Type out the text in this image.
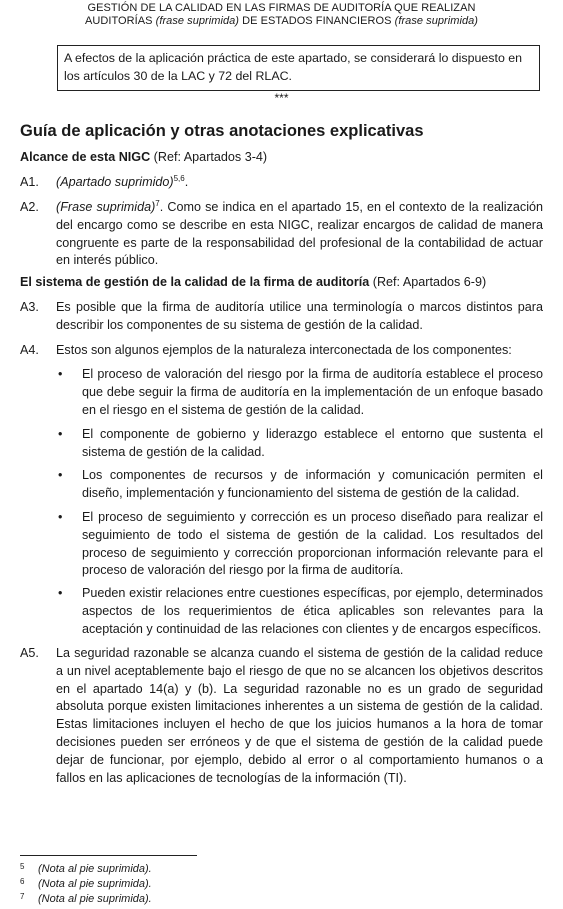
GESTIÓN DE LA CALIDAD EN LAS FIRMAS DE AUDITORÍA QUE REALIZAN
AUDITORÍAS (frase suprimida) DE ESTADOS FINANCIEROS (frase suprimida)
A efectos de la aplicación práctica de este apartado, se considerará lo dispuesto en los artículos 30 de la LAC y 72 del RLAC.
***
Guía de aplicación y otras anotaciones explicativas
Alcance de esta NIGC (Ref: Apartados 3-4)
A1. (Apartado suprimido)$^{5,6}$.
A2. (Frase suprimida)$^7$. Como se indica en el apartado 15, en el contexto de la realización del encargo como se describe en esta NIGC, realizar encargos de calidad de manera congruente es parte de la responsabilidad del profesional de la contabilidad de actuar en interés público.
El sistema de gestión de la calidad de la firma de auditoría (Ref: Apartados 6-9)
A3. Es posible que la firma de auditoría utilice una terminología o marcos distintos para describir los componentes de su sistema de gestión de la calidad.
A4. Estos son algunos ejemplos de la naturaleza interconectada de los componentes:
• El proceso de valoración del riesgo por la firma de auditoría establece el proceso que debe seguir la firma de auditoría en la implementación de un enfoque basado en el riesgo en el sistema de gestión de la calidad.
• El componente de gobierno y liderazgo establece el entorno que sustenta el sistema de gestión de la calidad.
• Los componentes de recursos y de información y comunicación permiten el diseño, implementación y funcionamiento del sistema de gestión de la calidad.
• El proceso de seguimiento y corrección es un proceso diseñado para realizar el seguimiento de todo el sistema de gestión de la calidad. Los resultados del proceso de seguimiento y corrección proporcionan información relevante para el proceso de valoración del riesgo por la firma de auditoría.
• Pueden existir relaciones entre cuestiones específicas, por ejemplo, determinados aspectos de los requerimientos de ética aplicables son relevantes para la aceptación y continuidad de las relaciones con clientes y de encargos específicos.
A5. La seguridad razonable se alcanza cuando el sistema de gestión de la calidad reduce a un nivel aceptablemente bajo el riesgo de que no se alcancen los objetivos descritos en el apartado 14(a) y (b). La seguridad razonable no es un grado de seguridad absoluta porque existen limitaciones inherentes a un sistema de gestión de la calidad. Estas limitaciones incluyen el hecho de que los juicios humanos a la hora de tomar decisiones pueden ser erróneos y de que el sistema de gestión de la calidad puede dejar de funcionar, por ejemplo, debido al error o al comportamiento humanos o a fallos en las aplicaciones de tecnologías de la información (TI).
5 (Nota al pie suprimida).
6 (Nota al pie suprimida).
7 (Nota al pie suprimida).
